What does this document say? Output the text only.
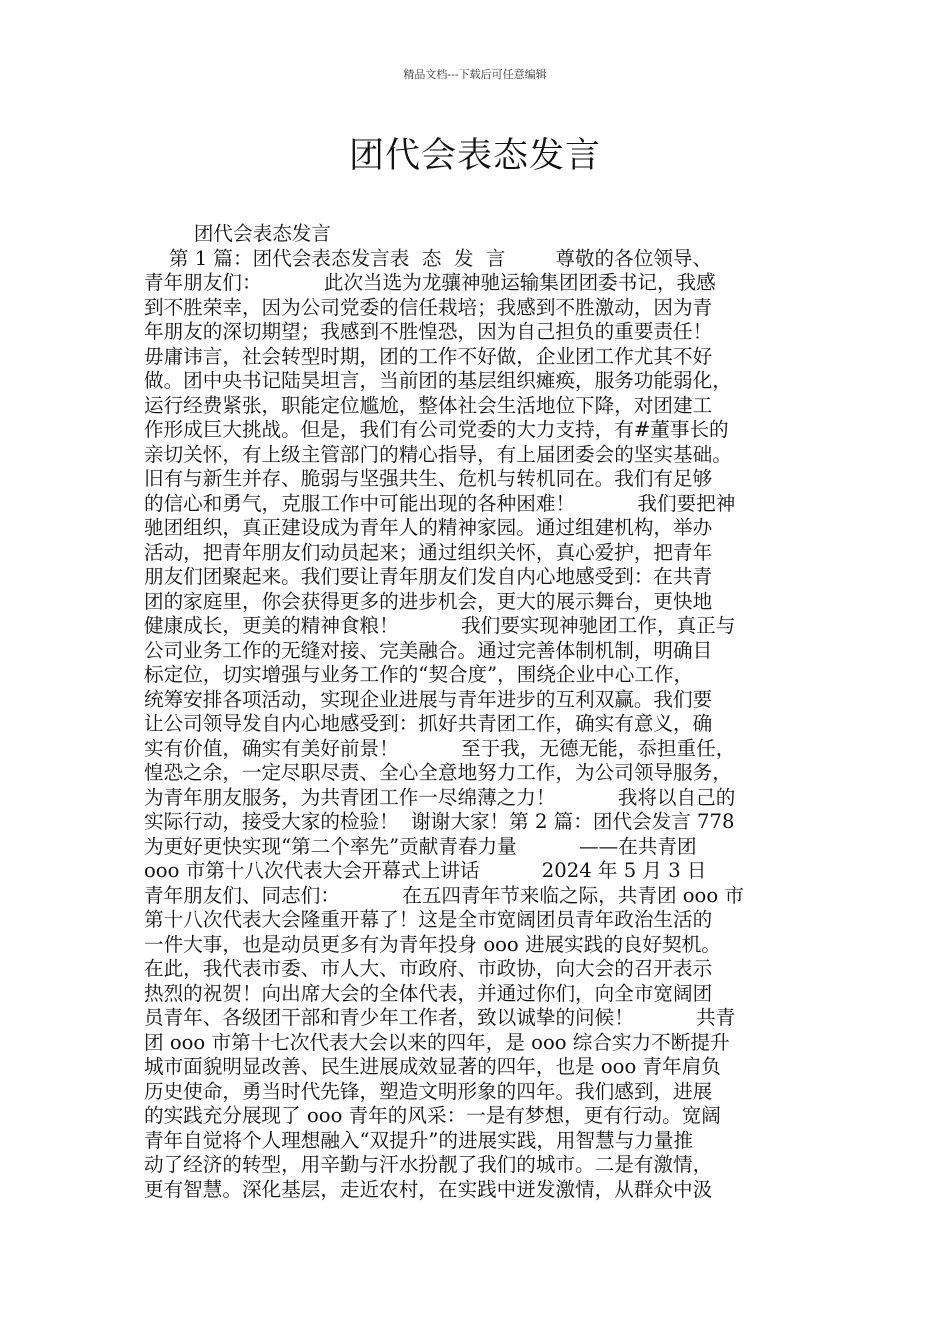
精品文档---下载后可任意编辑
团代会表态发言
团代会表态发言
第 1 篇：团代会表态发言表  态  发  言        尊敬的各位领导、
青年朋友们：          此次当选为龙骧神驰运输集团团委书记，我感
到不胜荣幸，因为公司党委的信任栽培；我感到不胜激动，因为青
年朋友的深切期望；我感到不胜惶恐，因为自己担负的重要责任！
毋庸讳言，社会转型时期，团的工作不好做，企业团工作尤其不好
做。团中央书记陆昊坦言，当前团的基层组织瘫痪，服务功能弱化，
运行经费紧张，职能定位尴尬，整体社会生活地位下降，对团建工
作形成巨大挑战。但是，我们有公司党委的大力支持，有#董事长的
亲切关怀，有上级主管部门的精心指导，有上届团委会的坚实基础。
旧有与新生并存、脆弱与坚强共生、危机与转机同在。我们有足够
的信心和勇气，克服工作中可能出现的各种困难！          我们要把神
驰团组织，真正建设成为青年人的精神家园。通过组建机构，举办
活动，把青年朋友们动员起来；通过组织关怀，真心爱护，把青年
朋友们团聚起来。我们要让青年朋友们发自内心地感受到：在共青
团的家庭里，你会获得更多的进步机会，更大的展示舞台，更快地
健康成长，更美的精神食粮！          我们要实现神驰团工作，真正与
公司业务工作的无缝对接、完美融合。通过完善体制机制，明确目
标定位，切实增强与业务工作的“契合度”，围绕企业中心工作，
统筹安排各项活动，实现企业进展与青年进步的互利双赢。我们要
让公司领导发自内心地感受到：抓好共青团工作，确实有意义，确
实有价值，确实有美好前景！          至于我，无德无能，忝担重任，
惶恐之余，一定尽职尽责、全心全意地努力工作，为公司领导服务，
为青年朋友服务，为共青团工作一尽绵薄之力！          我将以自己的
实际行动，接受大家的检验！  谢谢大家！第 2 篇：团代会发言 778
为更好更快实现“第二个率先”贡献青春力量          ——在共青团
ooo 市第十八次代表大会开幕式上讲话          2024 年 5 月 3 日
青年朋友们、同志们：          在五四青年节来临之际，共青团 ooo 市
第十八次代表大会隆重开幕了！这是全市宽阔团员青年政治生活的
一件大事，也是动员更多有为青年投身 ooo 进展实践的良好契机。
在此，我代表市委、市人大、市政府、市政协，向大会的召开表示
热烈的祝贺！向出席大会的全体代表，并通过你们，向全市宽阔团
员青年、各级团干部和青少年工作者，致以诚挚的问候！          共青
团 ooo 市第十七次代表大会以来的四年，是 ooo 综合实力不断提升
城市面貌明显改善、民生进展成效显著的四年，也是 ooo 青年肩负
历史使命，勇当时代先锋，塑造文明形象的四年。我们感到，进展
的实践充分展现了 ooo 青年的风采：一是有梦想，更有行动。宽阔
青年自觉将个人理想融入“双提升”的进展实践，用智慧与力量推
动了经济的转型，用辛勤与汗水扮靓了我们的城市。二是有激情，
更有智慧。深化基层，走近农村，在实践中迸发激情，从群众中汲
